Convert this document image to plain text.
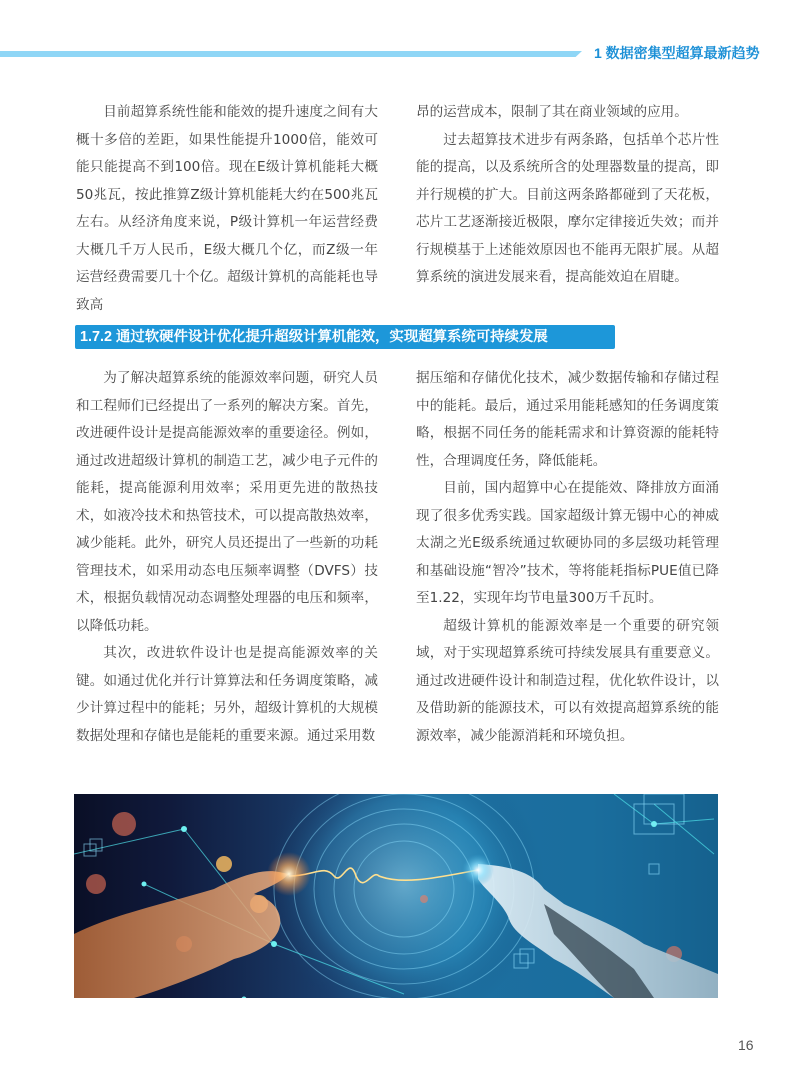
1 数据密集型超算最新趋势

目前超算系统性能和能效的提升速度之间有大概十多倍的差距，如果性能提升1000倍，能效可能只能提高不到100倍。现在E级计算机能耗大概50兆瓦，按此推算Z级计算机能耗大约在500兆瓦左右。从经济角度来说，P级计算机一年运营经费大概几千万人民币，E级大概几个亿，而Z级一年运营经费需要几十个亿。超级计算机的高能耗也导致高

昂的运营成本，限制了其在商业领域的应用。

过去超算技术进步有两条路，包括单个芯片性能的提高，以及系统所含的处理器数量的提高，即并行规模的扩大。目前这两条路都碰到了天花板，芯片工艺逐渐接近极限，摩尔定律接近失效；而并行规模基于上述能效原因也不能再无限扩展。从超算系统的演进发展来看，提高能效迫在眉睫。

1.7.2 通过软硬件设计优化提升超级计算机能效，实现超算系统可持续发展

为了解决超算系统的能源效率问题，研究人员和工程师们已经提出了一系列的解决方案。首先，改进硬件设计是提高能源效率的重要途径。例如，通过改进超级计算机的制造工艺，减少电子元件的能耗，提高能源利用效率；采用更先进的散热技术，如液冷技术和热管技术，可以提高散热效率，减少能耗。此外，研究人员还提出了一些新的功耗管理技术，如采用动态电压频率调整（DVFS）技术，根据负载情况动态调整处理器的电压和频率，以降低功耗。

其次，改进软件设计也是提高能源效率的关键。如通过优化并行计算算法和任务调度策略，减少计算过程中的能耗；另外，超级计算机的大规模数据处理和存储也是能耗的重要来源。通过采用数

据压缩和存储优化技术，减少数据传输和存储过程中的能耗。最后，通过采用能耗感知的任务调度策略，根据不同任务的能耗需求和计算资源的能耗特性，合理调度任务，降低能耗。

目前，国内超算中心在提能效、降排放方面涌现了很多优秀实践。国家超级计算无锡中心的神威太湖之光E级系统通过软硬协同的多层级功耗管理和基础设施“智冷”技术，等将能耗指标PUE值已降至1.22，实现年均节电量300万千瓦时。

超级计算机的能源效率是一个重要的研究领域，对于实现超算系统可持续发展具有重要意义。通过改进硬件设计和制造过程，优化软件设计，以及借助新的能源技术，可以有效提高超算系统的能源效率，减少能源消耗和环境负担。

16
